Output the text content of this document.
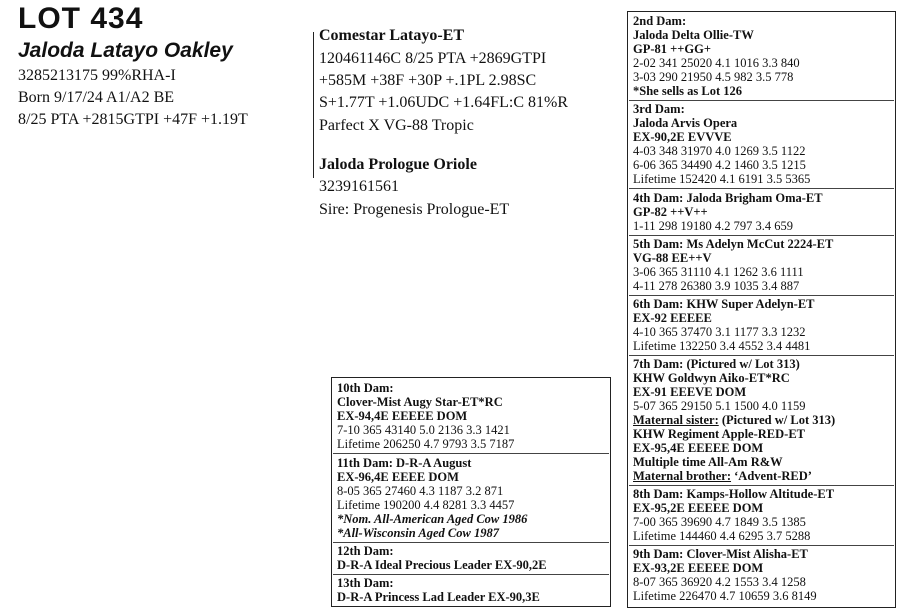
LOT 434
Jaloda Latayo Oakley
3285213175 99%RHA-I
Born 9/17/24 A1/A2 BE
8/25 PTA +2815GTPI +47F +1.19T
Comestar Latayo-ET
120461146C 8/25 PTA +2869GTPI
+585M +38F +30P +.1PL 2.98SC
S+1.77T +1.06UDC +1.64FL:C 81%R
Parfect X VG-88 Tropic
Jaloda Prologue Oriole
3239161561
Sire: Progenesis Prologue-ET
2nd Dam:
Jaloda Delta Ollie-TW
GP-81 ++GG+
2-02 341 25020 4.1 1016 3.3 840
3-03 290 21950 4.5 982 3.5 778
*She sells as Lot 126
3rd Dam:
Jaloda Arvis Opera
EX-90,2E EVVVE
4-03 348 31970 4.0 1269 3.5 1122
6-06 365 34490 4.2 1460 3.5 1215
Lifetime 152420 4.1 6191 3.5 5365
4th Dam: Jaloda Brigham Oma-ET
GP-82 ++V++
1-11 298 19180 4.2 797 3.4 659
5th Dam: Ms Adelyn McCut 2224-ET
VG-88 EE++V
3-06 365 31110 4.1 1262 3.6 1111
4-11 278 26380 3.9 1035 3.4 887
6th Dam: KHW Super Adelyn-ET
EX-92 EEEEE
4-10 365 37470 3.1 1177 3.3 1232
Lifetime 132250 3.4 4552 3.4 4481
7th Dam: (Pictured w/ Lot 313)
KHW Goldwyn Aiko-ET*RC
EX-91 EEEVE DOM
5-07 365 29150 5.1 1500 4.0 1159
Maternal sister: (Pictured w/ Lot 313)
KHW Regiment Apple-RED-ET
EX-95,4E EEEEE DOM
Multiple time All-Am R&W
Maternal brother: ‘Advent-RED’
8th Dam: Kamps-Hollow Altitude-ET
EX-95,2E EEEEE DOM
7-00 365 39690 4.7 1849 3.5 1385
Lifetime 144460 4.4 6295 3.7 5288
9th Dam: Clover-Mist Alisha-ET
EX-93,2E EEEEE DOM
8-07 365 36920 4.2 1553 3.4 1258
Lifetime 226470 4.7 10659 3.6 8149
10th Dam:
Clover-Mist Augy Star-ET*RC
EX-94,4E EEEEE DOM
7-10 365 43140 5.0 2136 3.3 1421
Lifetime 206250 4.7 9793 3.5 7187
11th Dam: D-R-A August
EX-96,4E EEEE DOM
8-05 365 27460 4.3 1187 3.2 871
Lifetime 190200 4.4 8281 3.3 4457
*Nom. All-American Aged Cow 1986
*All-Wisconsin Aged Cow 1987
12th Dam:
D-R-A Ideal Precious Leader EX-90,2E
13th Dam:
D-R-A Princess Lad Leader EX-90,3E
